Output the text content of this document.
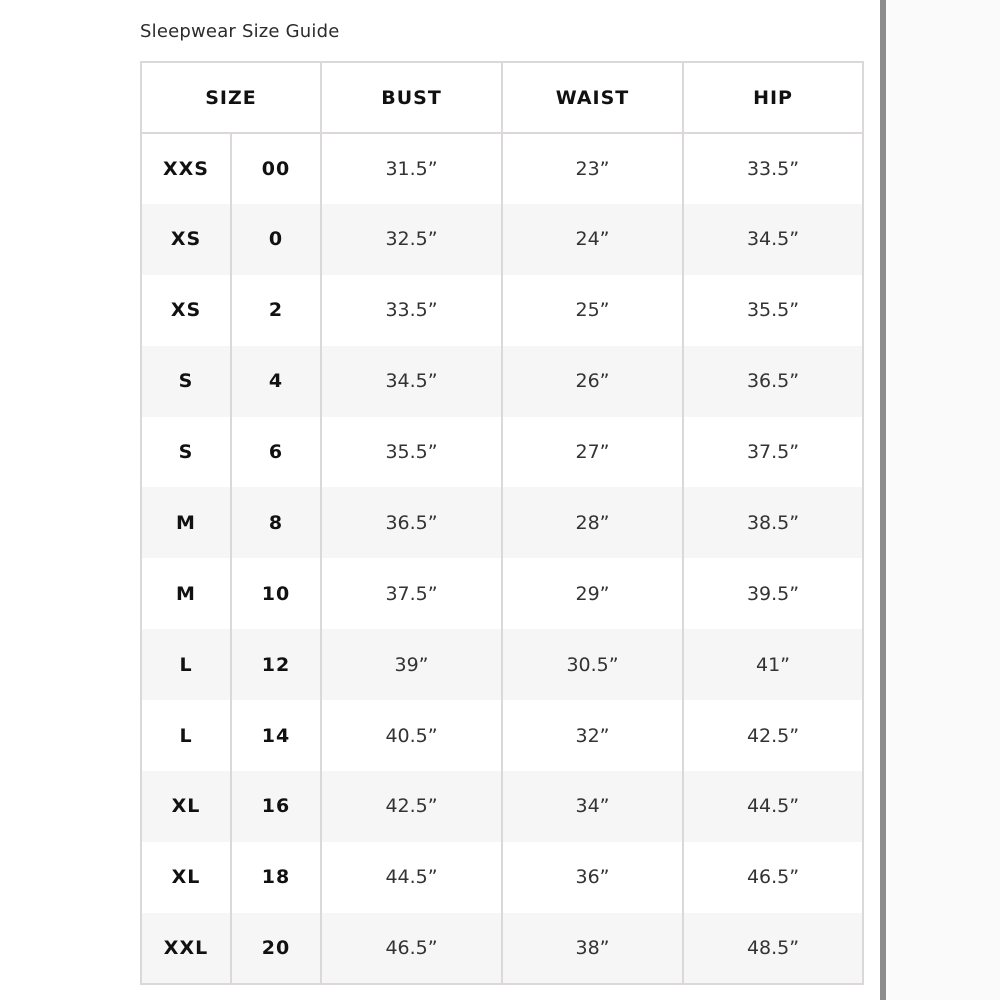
Sleepwear Size Guide
SIZE		BUST	WAIST	HIP
XXS	00	31.5”	23”	33.5”
XS	0	32.5”	24”	34.5”
XS	2	33.5”	25”	35.5”
S	4	34.5”	26”	36.5”
S	6	35.5”	27”	37.5”
M	8	36.5”	28”	38.5”
M	10	37.5”	29”	39.5”
L	12	39”	30.5”	41”
L	14	40.5”	32”	42.5”
XL	16	42.5”	34”	44.5”
XL	18	44.5”	36”	46.5”
XXL	20	46.5”	38”	48.5”
